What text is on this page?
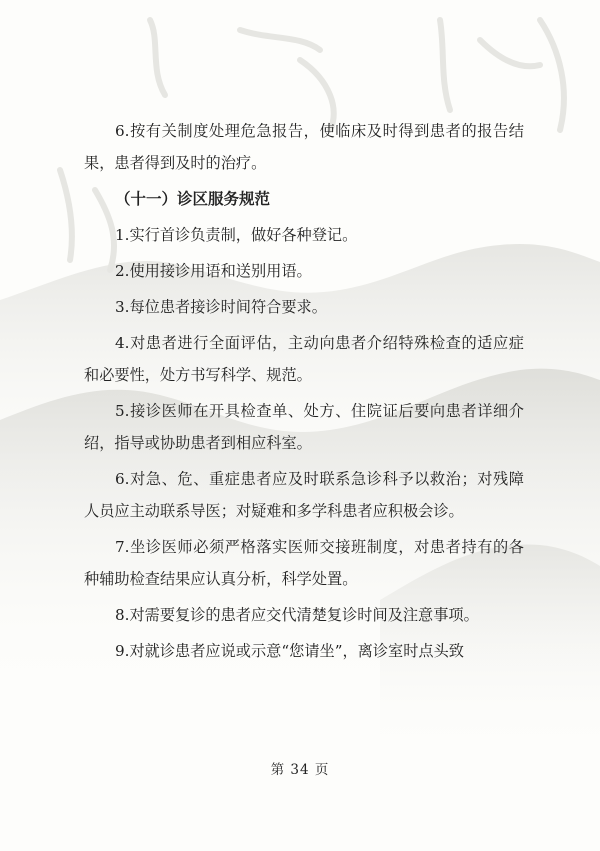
6.按有关制度处理危急报告，使临床及时得到患者的报告结果，患者得到及时的治疗。

（十一）诊区服务规范

1.实行首诊负责制，做好各种登记。

2.使用接诊用语和送别用语。

3.每位患者接诊时间符合要求。

4.对患者进行全面评估，主动向患者介绍特殊检查的适应症和必要性，处方书写科学、规范。

5.接诊医师在开具检查单、处方、住院证后要向患者详细介绍，指导或协助患者到相应科室。

6.对急、危、重症患者应及时联系急诊科予以救治；对残障人员应主动联系导医；对疑难和多学科患者应积极会诊。

7.坐诊医师必须严格落实医师交接班制度，对患者持有的各种辅助检查结果应认真分析，科学处置。

8.对需要复诊的患者应交代清楚复诊时间及注意事项。

9.对就诊患者应说或示意“您请坐”，离诊室时点头致

第 34 页
